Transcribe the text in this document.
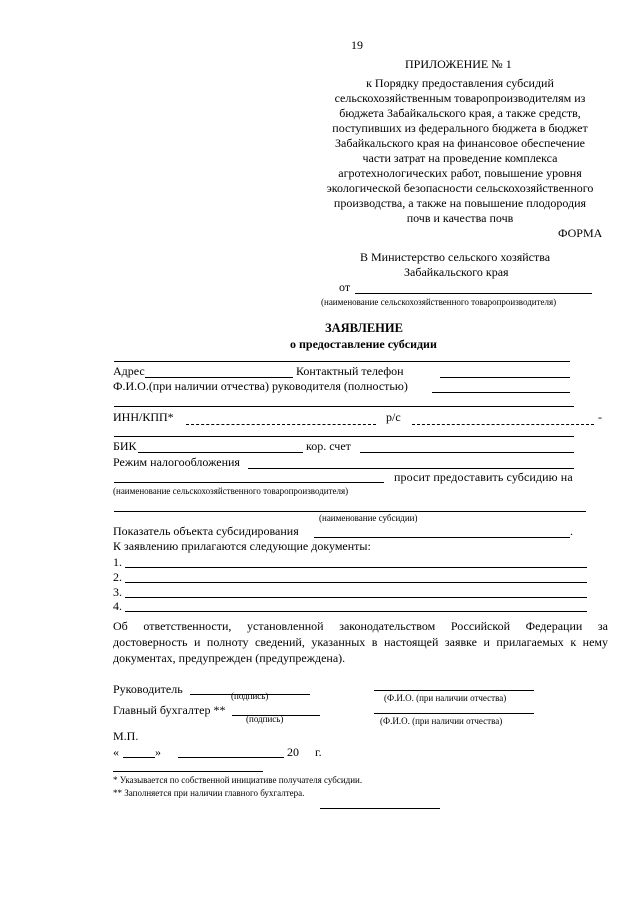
19
ПРИЛОЖЕНИЕ № 1
к Порядку предоставления субсидий
сельскохозяйственным товаропроизводителям из
бюджета Забайкальского края, а также средств,
поступивших из федерального бюджета в бюджет
Забайкальского края на финансовое обеспечение
части затрат на проведение комплекса
агротехнологических работ, повышение уровня
экологической безопасности сельскохозяйственного
производства, а также на повышение плодородия
почв и качества почв
ФОРМА
В Министерство сельского хозяйства
Забайкальского края
от
(наименование сельскохозяйственного товаропроизводителя)
ЗАЯВЛЕНИЕ
о предоставление субсидии
Адрес	Контактный телефон
Ф.И.О.(при наличии отчества) руководителя (полностью)
ИНН/КПП*	р/с	-
БИК	кор. счет
Режим налогообложения
просит предоставить субсидию на
(наименование сельскохозяйственного товаропроизводителя)
(наименование субсидии)
Показатель объекта субсидирования	.
К заявлению прилагаются следующие документы:
1.
2.
3.
4.
Об ответственности, установленной законодательством Российской Федерации за достоверность и полноту сведений, указанных в настоящей заявке и прилагаемых к нему документах, предупрежден (предупреждена).
Руководитель	(подпись)	(Ф.И.О. (при наличии отчества)
Главный бухгалтер **
(подпись)	(Ф.И.О. (при наличии отчества)
М.П.
«	»	20 г.
* Указывается по собственной инициативе получателя субсидии.
** Заполняется при наличии главного бухгалтера.
